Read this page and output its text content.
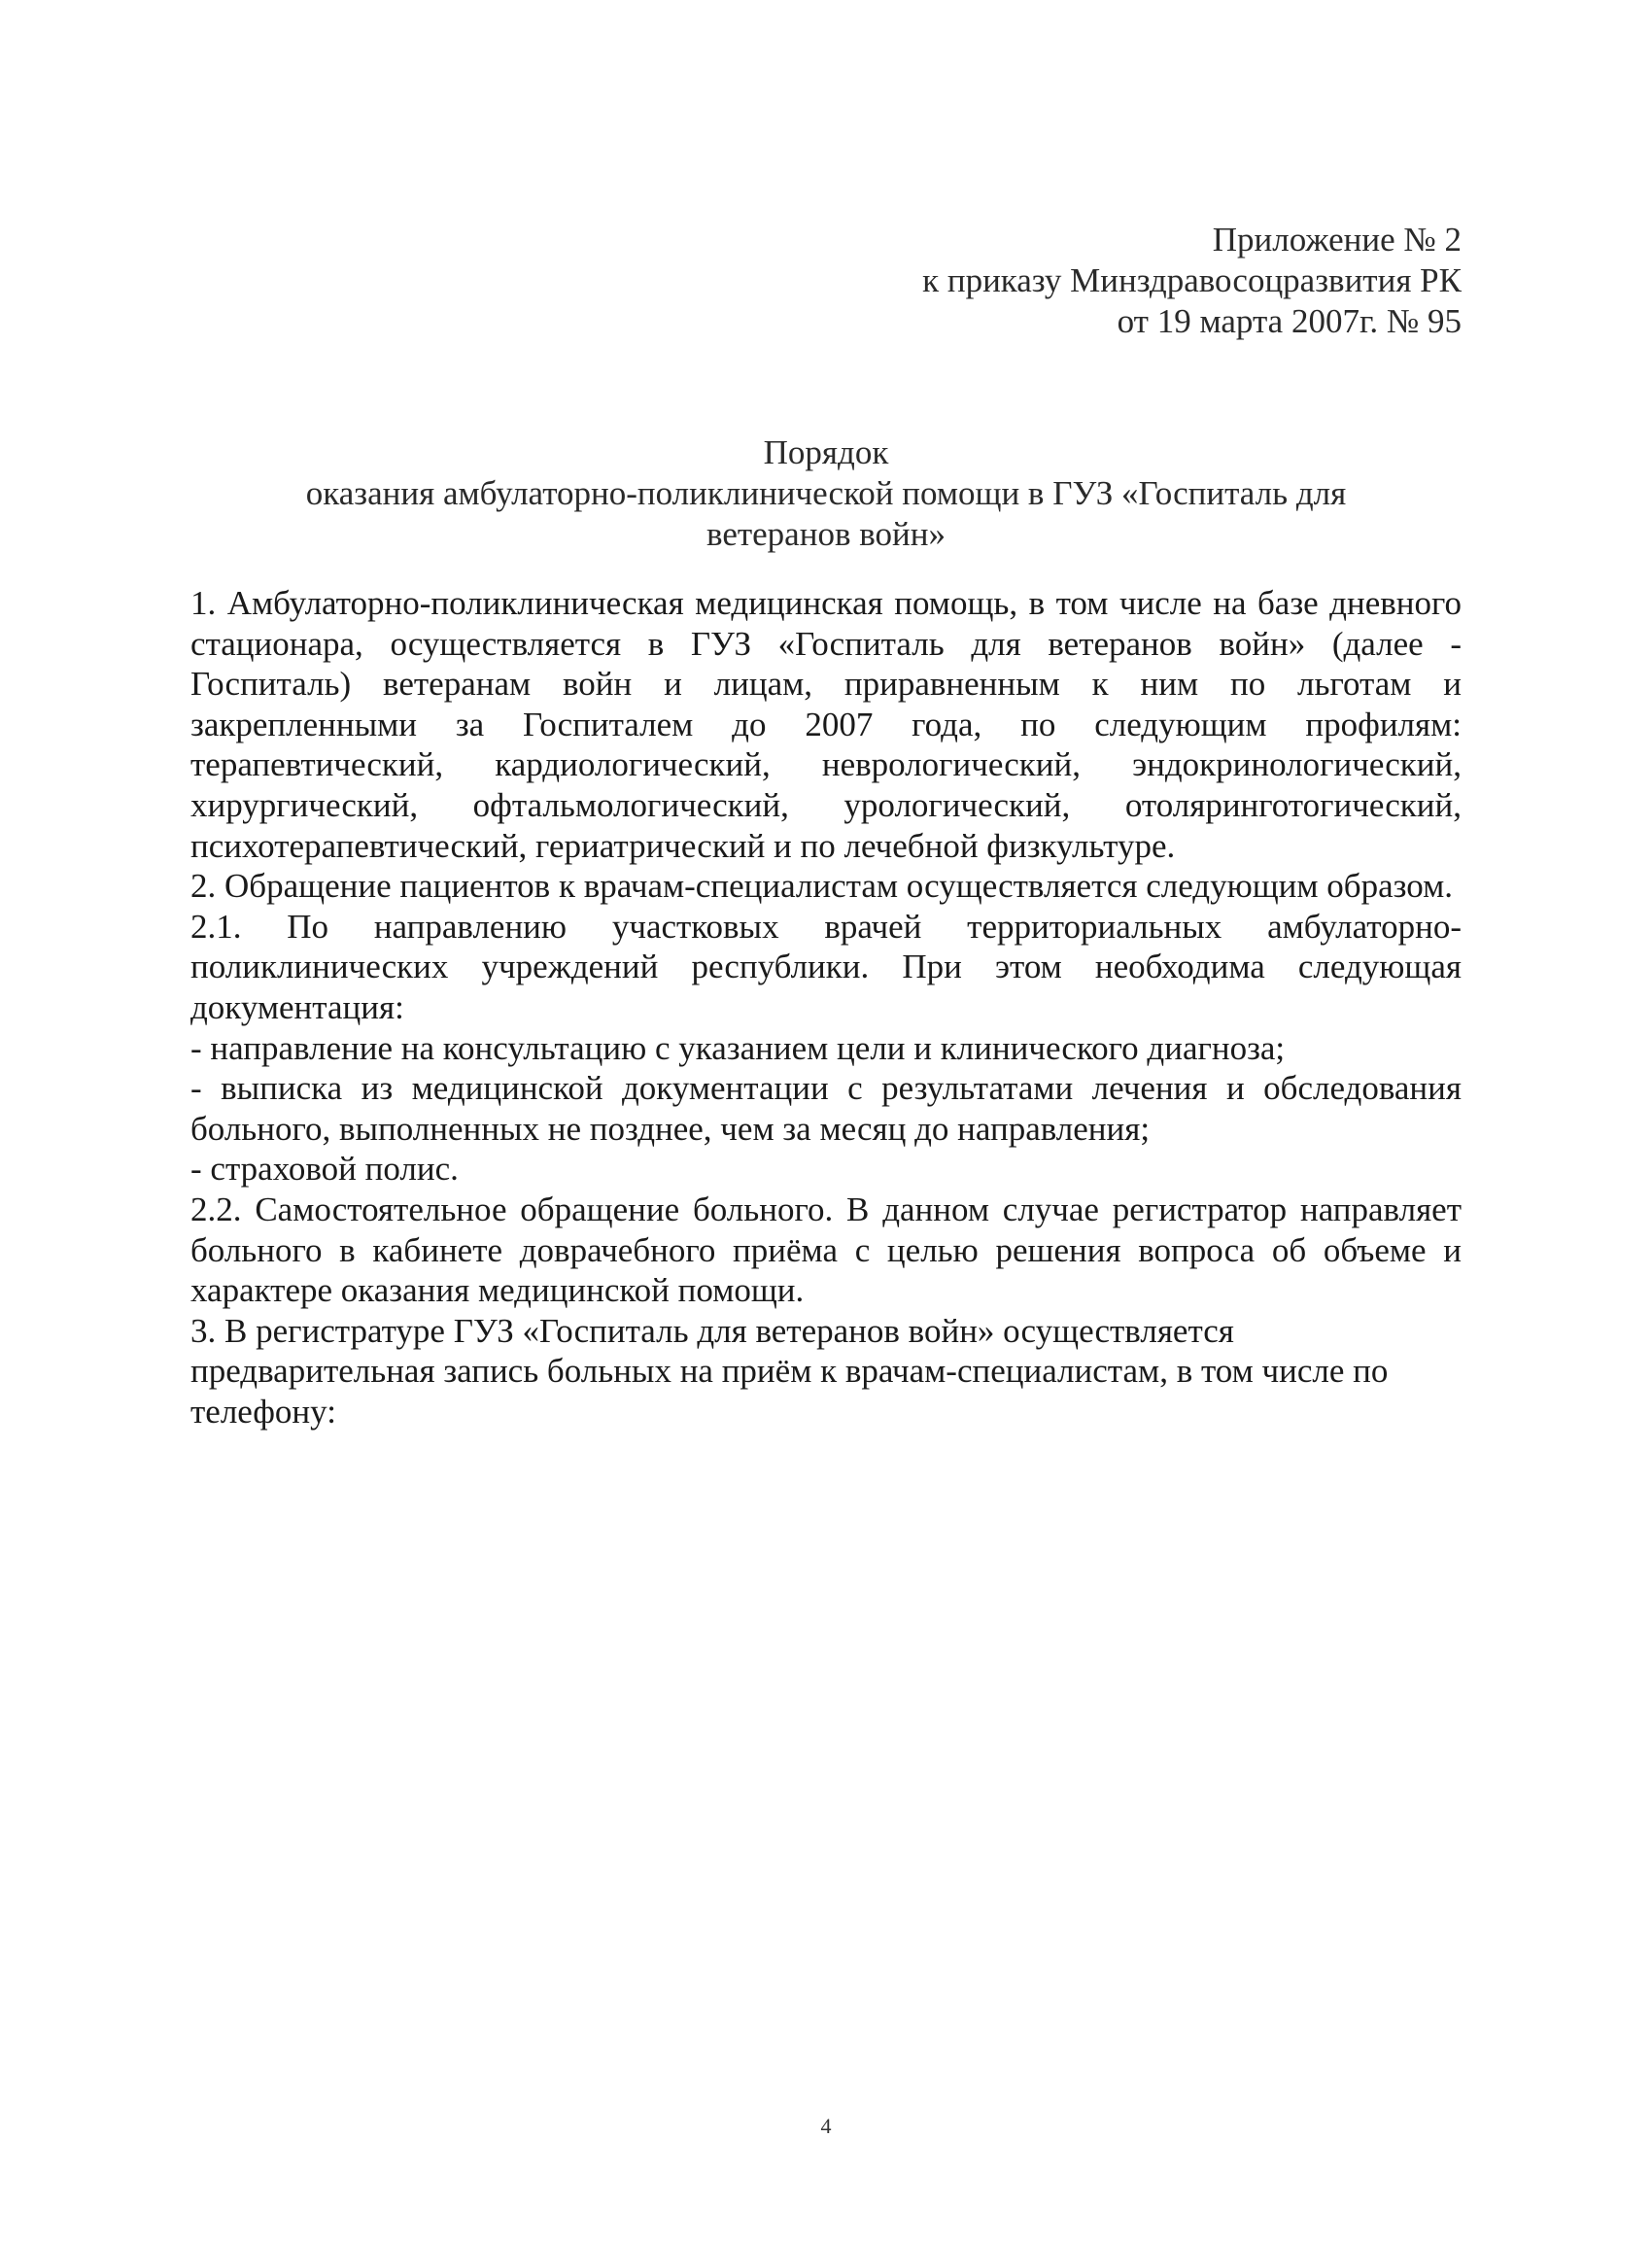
Приложение № 2
к приказу Минздравосоцразвития РК
от 19 марта 2007г. № 95
Порядок
оказания амбулаторно-поликлинической помощи в ГУЗ «Госпиталь для
ветеранов войн»

1. Амбулаторно-поликлиническая медицинская помощь, в том числе на базе дневного стационара, осуществляется в ГУЗ «Госпиталь для ветеранов войн» (далее - Госпиталь) ветеранам войн и лицам, приравненным к ним по льготам и закрепленными за Госпиталем до 2007 года, по следующим профилям: терапевтический, кардиологический, неврологический, эндокринологический, хирургический, офтальмологический, урологический, отоляринготогический, психотерапевтический, гериатрический и по лечебной физкультуре.

2. Обращение пациентов к врачам-специалистам осуществляется следующим образом.

2.1. По направлению участковых врачей территориальных амбулаторно-поликлинических учреждений республики. При этом необходима следующая документация:

- направление на консультацию с указанием цели и клинического диагноза;

- выписка из медицинской документации с результатами лечения и обследования больного, выполненных не позднее, чем за месяц до направления;

- страховой полис.

2.2. Самостоятельное обращение больного. В данном случае регистратор направляет больного в кабинете доврачебного приёма с целью решения вопроса об объеме и характере оказания медицинской помощи.

3. В регистратуре ГУЗ «Госпиталь для ветеранов войн» осуществляется предварительная запись больных на приём к врачам-специалистам, в том числе по телефону:

4
